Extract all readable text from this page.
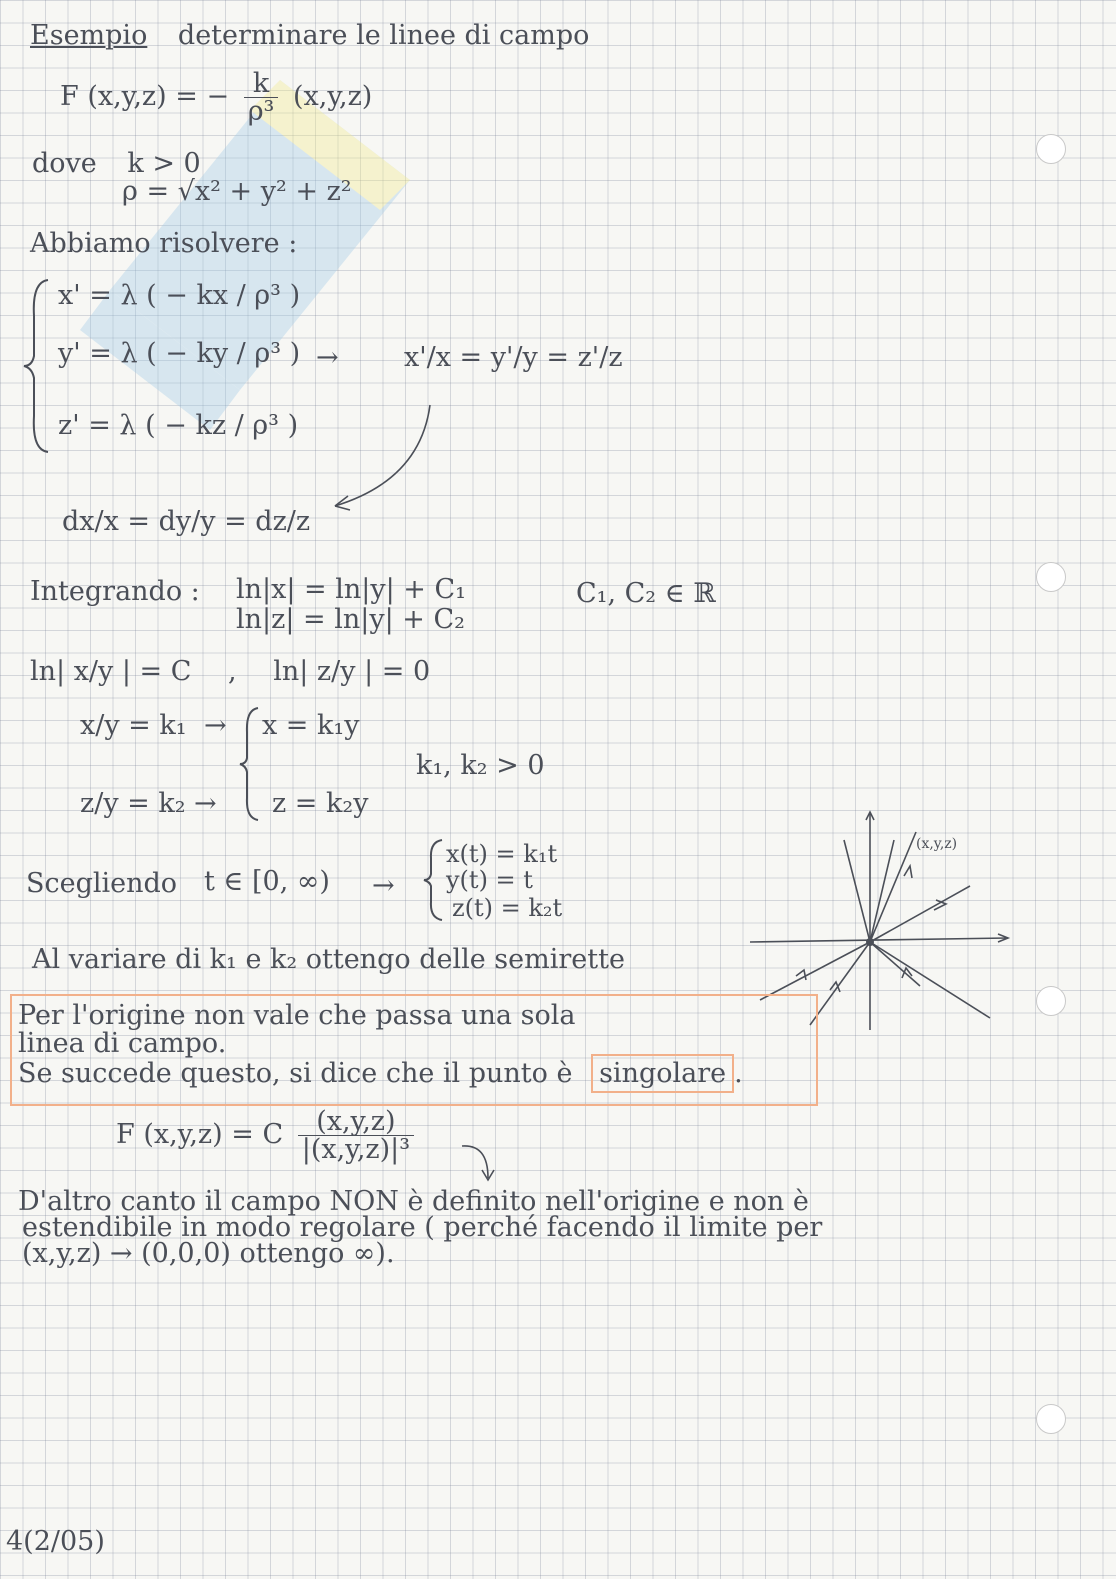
Esempio determinare le linee di campo
F (x,y,z) = − $\frac{k}{\text{ρ³}} (x,y,z)$
dove k > 0
ρ = √x² + y² + z²
Abbiamo risolvere :
x' = λ ( − kx / ρ³ )
y' = λ ( − ky / ρ³ )
z' = λ ( − kz / ρ³ )
→ x'/x = y'/y = z'/z
dx/x = dy/y = dz/z
Integrando : ln|x| = ln|y| + C₁
ln|z| = ln|y| + C₂
C₁, C₂ ∈ ℝ
ln| x/y | = C , ln| z/y | = 0
x/y = k₁
z/y = k₂
→
→
x = k₁y
z = k₂y
k₁, k₂ > 0
Scegliendo t ∈ [0, ∞) →
x(t) = k₁t
y(t) = t
z(t) = k₂t
(x,y,z)
Al variare di k₁ e k₂ ottengo delle semirette
Per l'origine non vale che passa una sola
linea di campo.
Se succede questo, si dice che il punto è singolare .
F (x,y,z) = C $\frac{(x,y,z)}{\text{|(x,y,z)|³}}$
D'altro canto il campo NON è definito nell'origine e non è
estendibile in modo regolare ( perché facendo il limite per
(x,y,z) → (0,0,0) ottengo ∞).
4(2/05)
